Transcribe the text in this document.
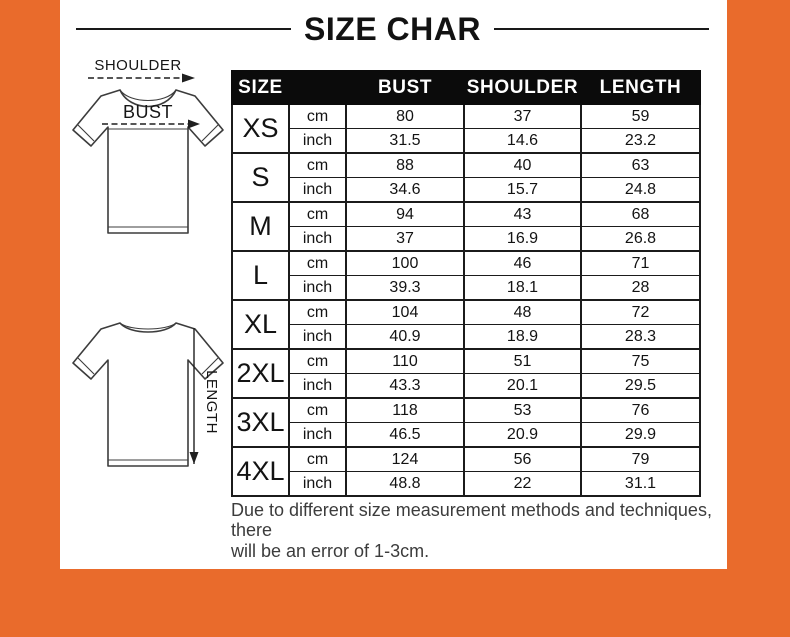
SIZE CHAR
SHOULDER
BUST
LENGTH
SIZE		BUST	SHOULDER	LENGTH
XS	cm	80	37	59
	inch	31.5	14.6	23.2
S	cm	88	40	63
	inch	34.6	15.7	24.8
M	cm	94	43	68
	inch	37	16.9	26.8
L	cm	100	46	71
	inch	39.3	18.1	28
XL	cm	104	48	72
	inch	40.9	18.9	28.3
2XL	cm	110	51	75
	inch	43.3	20.1	29.5
3XL	cm	118	53	76
	inch	46.5	20.9	29.9
4XL	cm	124	56	79
	inch	48.8	22	31.1

Due to different size measurement methods and techniques, there
will be an error of 1-3cm.
